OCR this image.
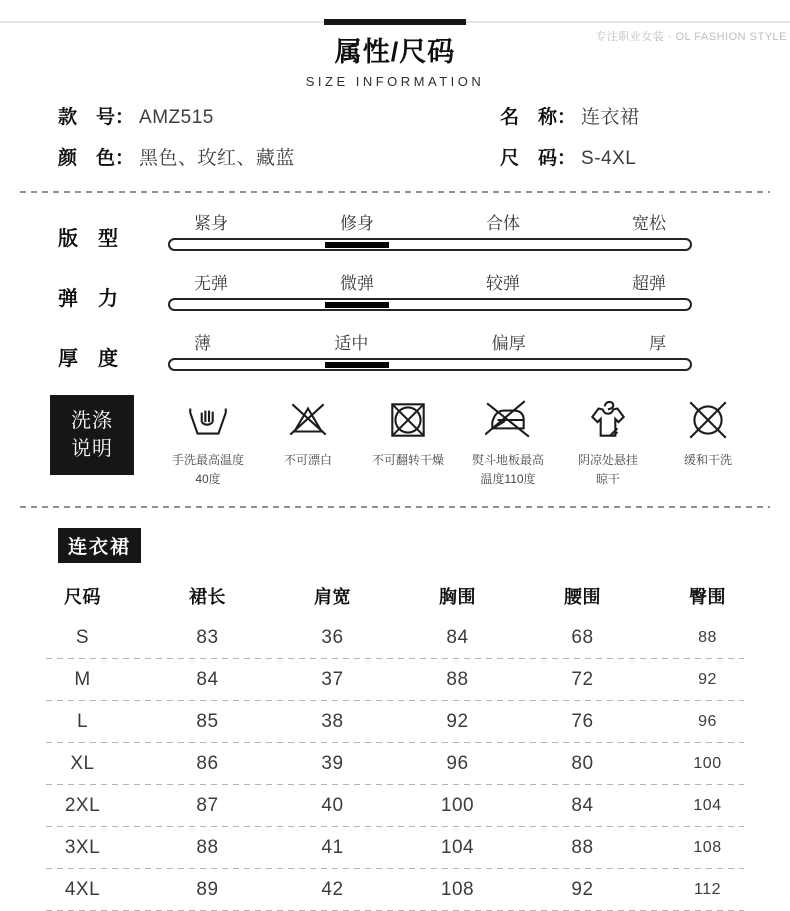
属性/尺码
SIZE INFORMATION
专注职业女装 · OL FASHION STYLE
款　号： AMZ515	名　称： 连衣裙
颜　色： 黑色、玫红、藏蓝	尺　码： S-4XL
版　型
紧身	修身	合体	宽松
弹　力
无弹	微弹	较弹	超弹
厚　度
薄	适中	偏厚	厚
洗涤
说明	手洗最高温度
40度
不可漂白	不可翻转干燥 熨斗地板最高
温度110度
阴凉处悬挂
晾干
缓和干洗
连衣裙
尺码	裙长	肩宽	胸围	腰围	臀围
S	83	36	84	68	88
M	84	37	88	72	92
L	85	38	92	76	96
XL	86	39	96	80	100
2XL	87	40	100	84	104
3XL	88	41	104	88	108
4XL	89	42	108	92	112
